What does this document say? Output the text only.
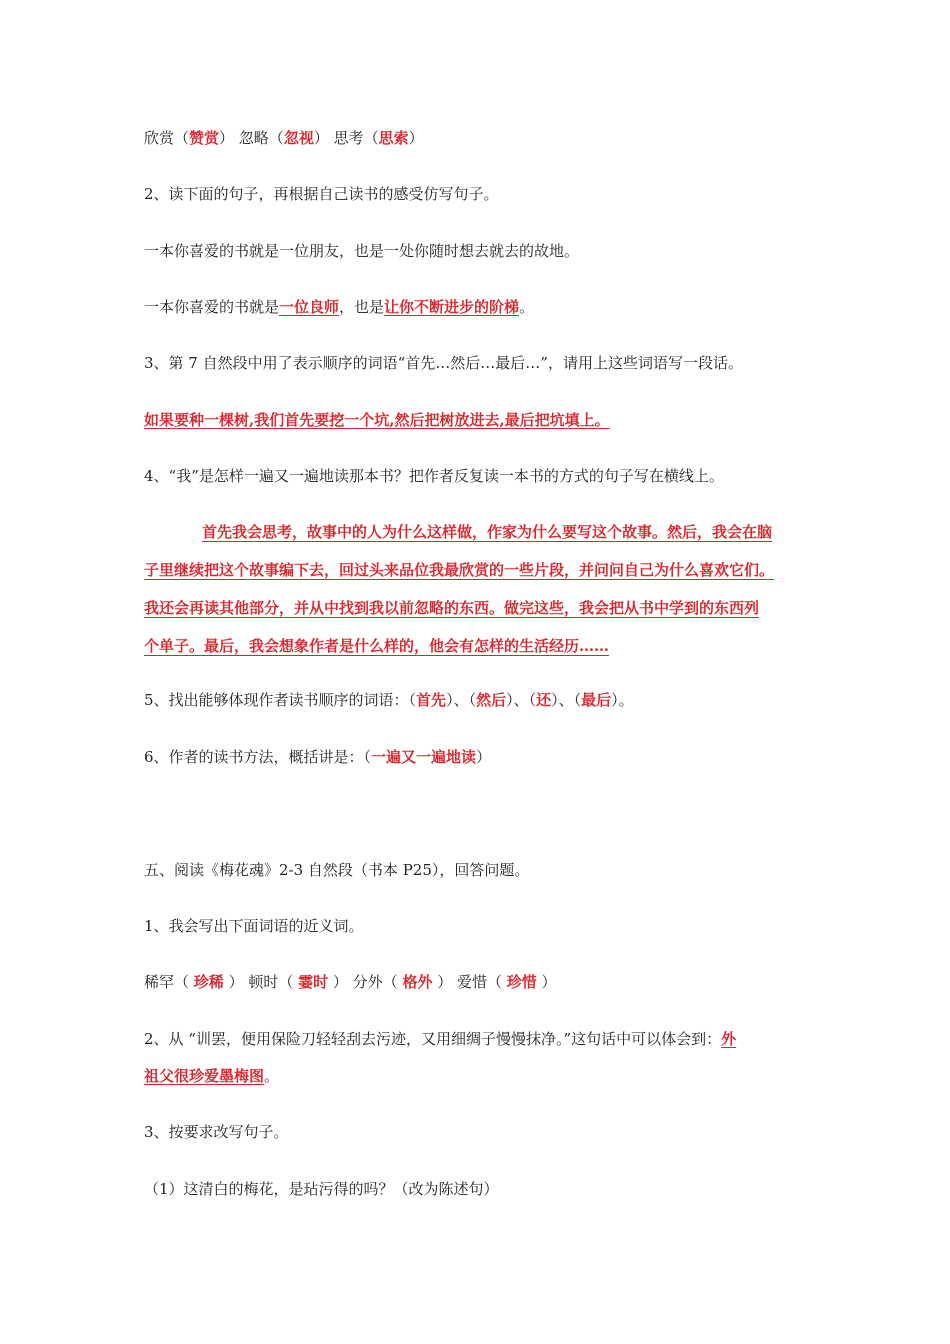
欣赏（赞赏） 忽略（忽视） 思考（思索）
2、读下面的句子，再根据自己读书的感受仿写句子。
一本你喜爱的书就是一位朋友，也是一处你随时想去就去的故地。
一本你喜爱的书就是一位良师，也是让你不断进步的阶梯。
3、第 7 自然段中用了表示顺序的词语“首先…然后…最后…”，请用上这些词语写一段话。
如果要种一棵树,我们首先要挖一个坑,然后把树放进去,最后把坑填上。
4、“我”是怎样一遍又一遍地读那本书？把作者反复读一本书的方式的句子写在横线上。
首先我会思考，故事中的人为什么这样做，作家为什么要写这个故事。然后，我会在脑
子里继续把这个故事编下去，回过头来品位我最欣赏的一些片段，并问问自己为什么喜欢它们。
我还会再读其他部分，并从中找到我以前忽略的东西。做完这些，我会把从书中学到的东西列
个单子。最后，我会想象作者是什么样的，他会有怎样的生活经历……
5、找出能够体现作者读书顺序的词语：（首先）、（然后）、（还）、（最后）。
6、作者的读书方法，概括讲是：（一遍又一遍地读）
五、阅读《梅花魂》2-3 自然段（书本 P25），回答问题。
1、我会写出下面词语的近义词。
稀罕（ 珍稀 ） 顿时（ 霎时 ） 分外（ 格外 ） 爱惜（ 珍惜 ）
2、从 “训罢，便用保险刀轻轻刮去污迹，又用细绸子慢慢抹净。”这句话中可以体会到：外
祖父很珍爱墨梅图。
3、按要求改写句子。
（1）这清白的梅花，是玷污得的吗？（改为陈述句）
